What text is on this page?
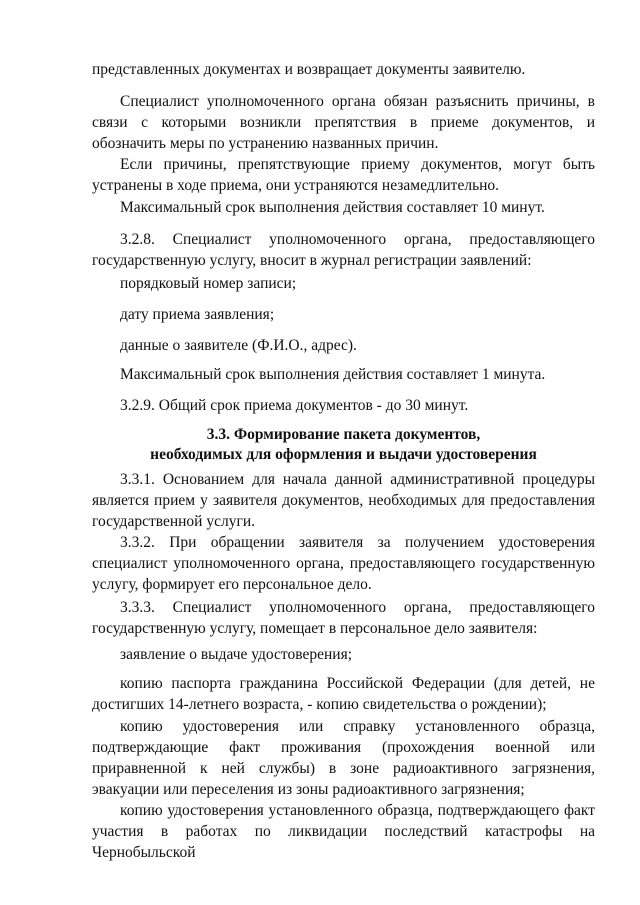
представленных документах и возвращает документы заявителю.
Специалист уполномоченного органа обязан разъяснить причины, в связи с которыми возникли препятствия в приеме документов, и обозначить меры по устранению названных причин.
Если причины, препятствующие приему документов, могут быть устранены в ходе приема, они устраняются незамедлительно.
Максимальный срок выполнения действия составляет 10 минут.
3.2.8. Специалист уполномоченного органа, предоставляющего государственную услугу, вносит в журнал регистрации заявлений:
порядковый номер записи;
дату приема заявления;
данные о заявителе (Ф.И.О., адрес).
Максимальный срок выполнения действия составляет 1 минута.
3.2.9. Общий срок приема документов - до 30 минут.
3.3. Формирование пакета документов,
необходимых для оформления и выдачи удостоверения
3.3.1. Основанием для начала данной административной процедуры является прием у заявителя документов, необходимых для предоставления государственной услуги.
3.3.2. При обращении заявителя за получением удостоверения специалист уполномоченного органа, предоставляющего государственную услугу, формирует его персональное дело.
3.3.3. Специалист уполномоченного органа, предоставляющего государственную услугу, помещает в персональное дело заявителя:
заявление о выдаче удостоверения;
копию паспорта гражданина Российской Федерации (для детей, не достигших 14-летнего возраста, - копию свидетельства о рождении);
копию удостоверения или справку установленного образца, подтверждающие факт проживания (прохождения военной или приравненной к ней службы) в зоне радиоактивного загрязнения, эвакуации или переселения из зоны радиоактивного загрязнения;
копию удостоверения установленного образца, подтверждающего факт участия в работах по ликвидации последствий катастрофы на Чернобыльской
